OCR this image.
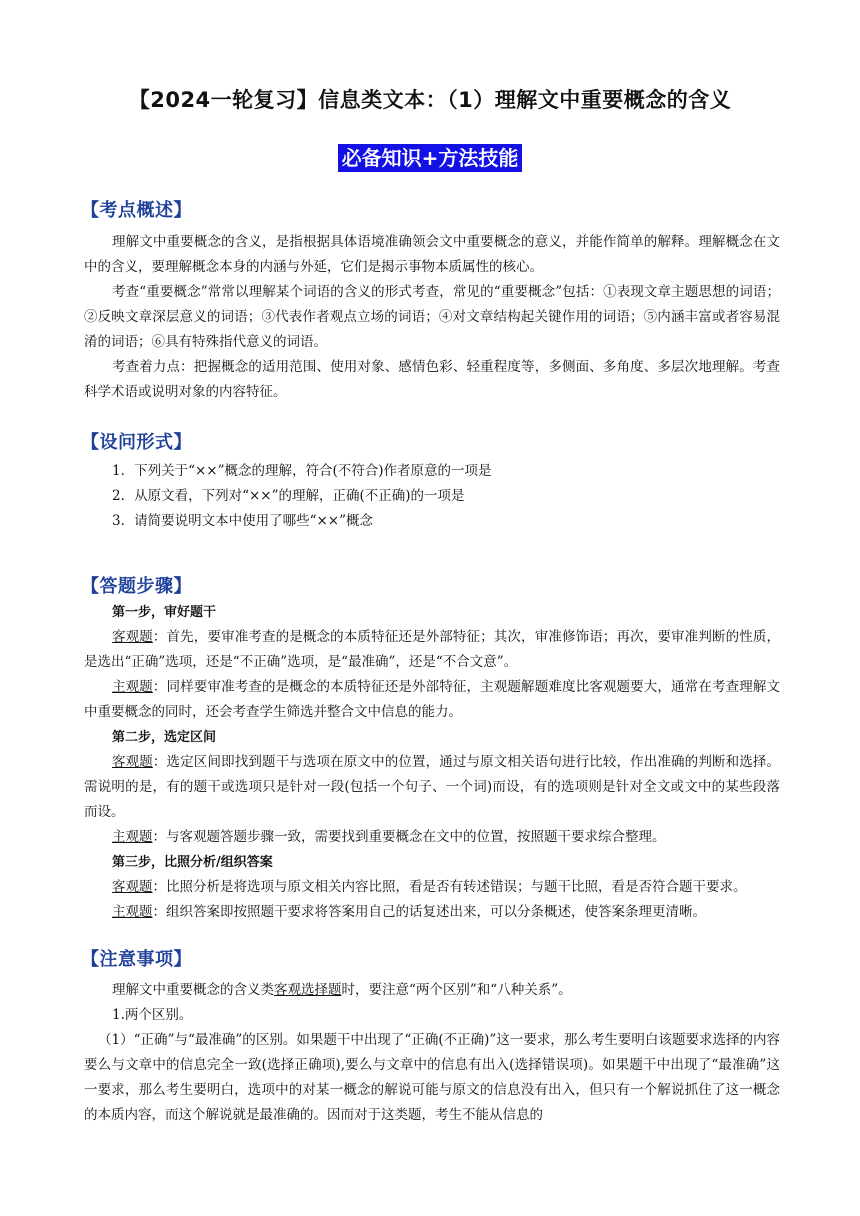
【2024一轮复习】信息类文本：（1）理解文中重要概念的含义
必备知识+方法技能
【考点概述】

理解文中重要概念的含义，是指根据具体语境准确领会文中重要概念的意义，并能作简单的解释。理解概念在文中的含义，要理解概念本身的内涵与外延，它们是揭示事物本质属性的核心。

考查“重要概念”常常以理解某个词语的含义的形式考查，常见的“重要概念”包括：①表现文章主题思想的词语；②反映文章深层意义的词语；③代表作者观点立场的词语；④对文章结构起关键作用的词语；⑤内涵丰富或者容易混淆的词语；⑥具有特殊指代意义的词语。

考查着力点：把握概念的适用范围、使用对象、感情色彩、轻重程度等，多侧面、多角度、多层次地理解。考查科学术语或说明对象的内容特征。

【设问形式】

1．下列关于“××”概念的理解，符合(不符合)作者原意的一项是

2．从原文看，下列对“××”的理解，正确(不正确)的一项是

3．请简要说明文本中使用了哪些“××”概念

【答题步骤】

第一步，审好题干

客观题：首先，要审准考查的是概念的本质特征还是外部特征；其次，审准修饰语；再次，要审准判断的性质，是选出“正确”选项，还是“不正确”选项，是“最准确”，还是“不合文意”。

主观题：同样要审准考查的是概念的本质特征还是外部特征，主观题解题难度比客观题要大，通常在考查理解文中重要概念的同时，还会考查学生筛选并整合文中信息的能力。

第二步，选定区间

客观题：选定区间即找到题干与选项在原文中的位置，通过与原文相关语句进行比较，作出准确的判断和选择。需说明的是，有的题干或选项只是针对一段(包括一个句子、一个词)而设，有的选项则是针对全文或文中的某些段落而设。

主观题：与客观题答题步骤一致，需要找到重要概念在文中的位置，按照题干要求综合整理。

第三步，比照分析/组织答案

客观题：比照分析是将选项与原文相关内容比照，看是否有转述错误；与题干比照，看是否符合题干要求。

主观题：组织答案即按照题干要求将答案用自己的话复述出来，可以分条概述，使答案条理更清晰。

【注意事项】

理解文中重要概念的含义类客观选择题时，要注意“两个区别”和“八种关系”。

1.两个区别。

（1）“正确”与“最准确”的区别。如果题干中出现了“正确(不正确)”这一要求，那么考生要明白该题要求选择的内容要么与文章中的信息完全一致(选择正确项),要么与文章中的信息有出入(选择错误项)。如果题干中出现了“最准确”这一要求，那么考生要明白，选项中的对某一概念的解说可能与原文的信息没有出入，但只有一个解说抓住了这一概念的本质内容，而这个解说就是最准确的。因而对于这类题，考生不能从信息的
